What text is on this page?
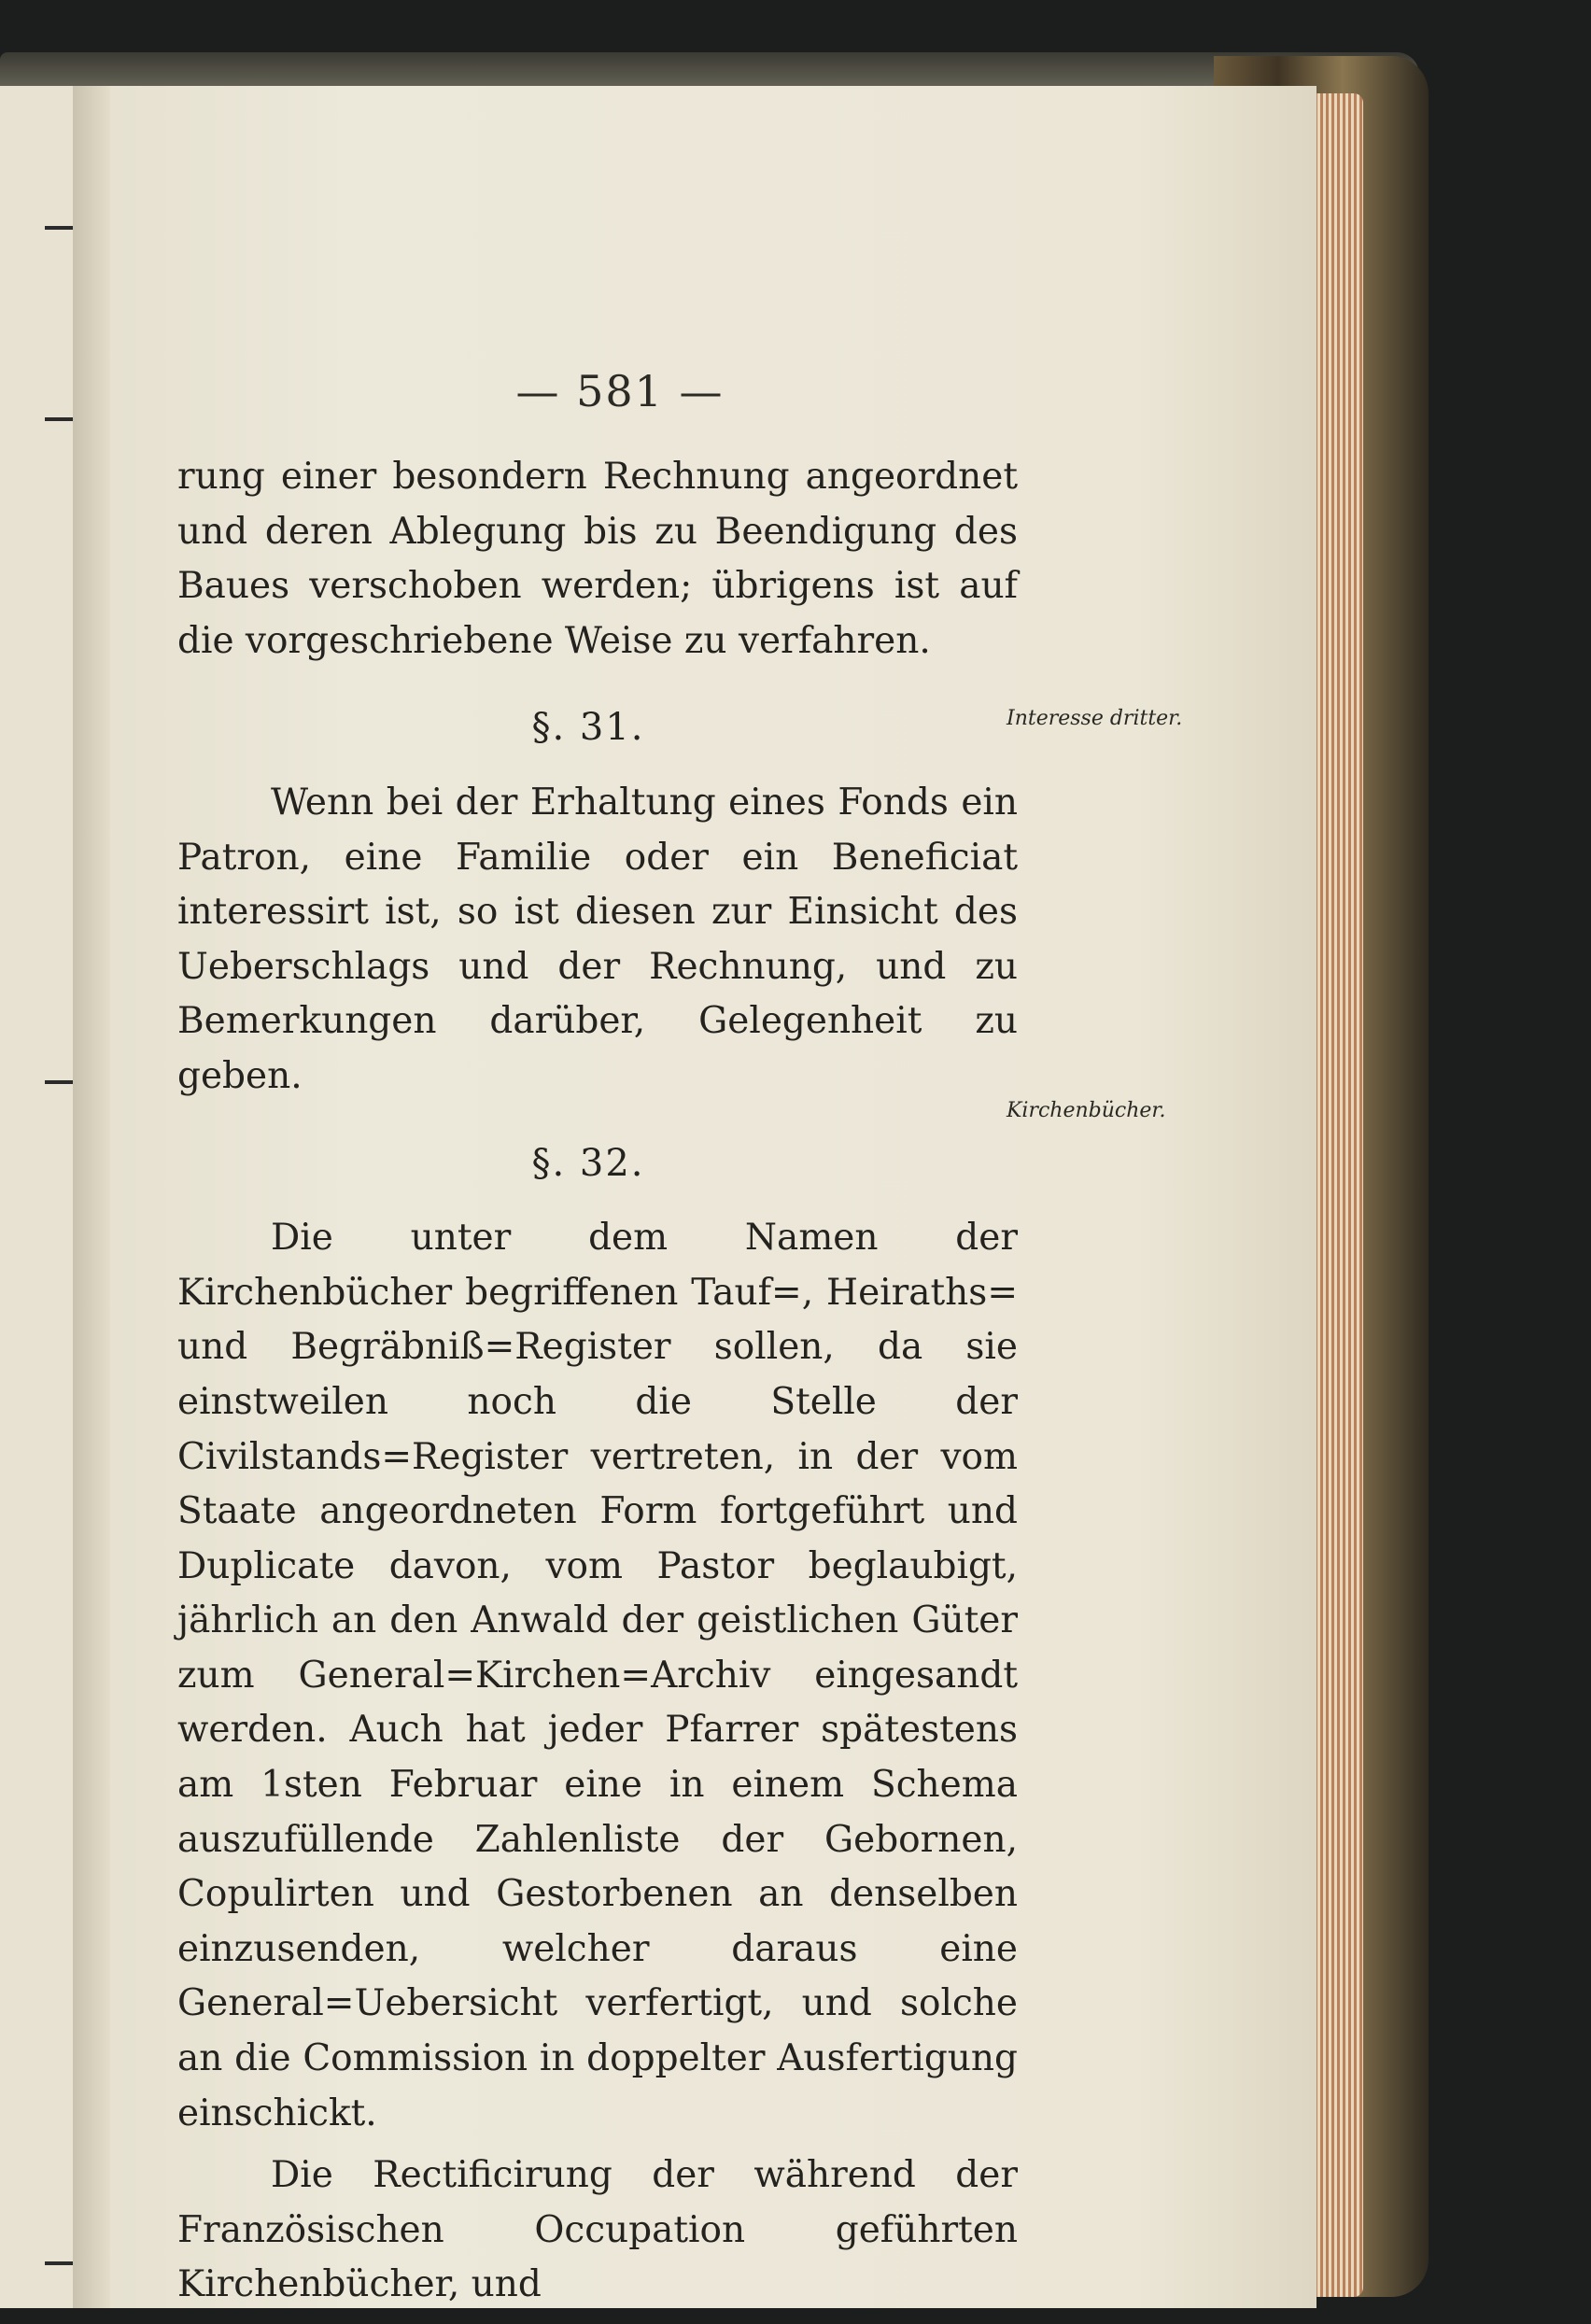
— 581 —

rung einer besondern Rechnung angeordnet und deren Ablegung bis zu Beendigung des Baues verschoben werden; übrigens ist auf die vorgeschriebene Weise zu verfahren.

§. 31.

Wenn bei der Erhaltung eines Fonds ein Patron, eine Familie oder ein Beneficiat interessirt ist, so ist diesen zur Einsicht des Ueberschlags und der Rechnung, und zu Bemerkungen darüber, Gelegenheit zu geben.

§. 32.

Die unter dem Namen der Kirchenbücher begriffenen Tauf=, Heiraths= und Begräbniß=Register sollen, da sie einstweilen noch die Stelle der Civilstands=Register vertreten, in der vom Staate angeordneten Form fortgeführt und Duplicate davon, vom Pastor beglaubigt, jährlich an den Anwald der geistlichen Güter zum General=Kirchen=Archiv eingesandt werden. Auch hat jeder Pfarrer spätestens am 1sten Februar eine in einem Schema auszufüllende Zahlenliste der Gebornen, Copulirten und Gestorbenen an denselben einzusenden, welcher daraus eine General=Uebersicht verfertigt, und solche an die Commission in doppelter Ausfertigung einschickt.

Die Rectificirung der während der Französischen Occupation geführten Kirchenbücher, und

Interesse dritter.
Kirchenbücher.
